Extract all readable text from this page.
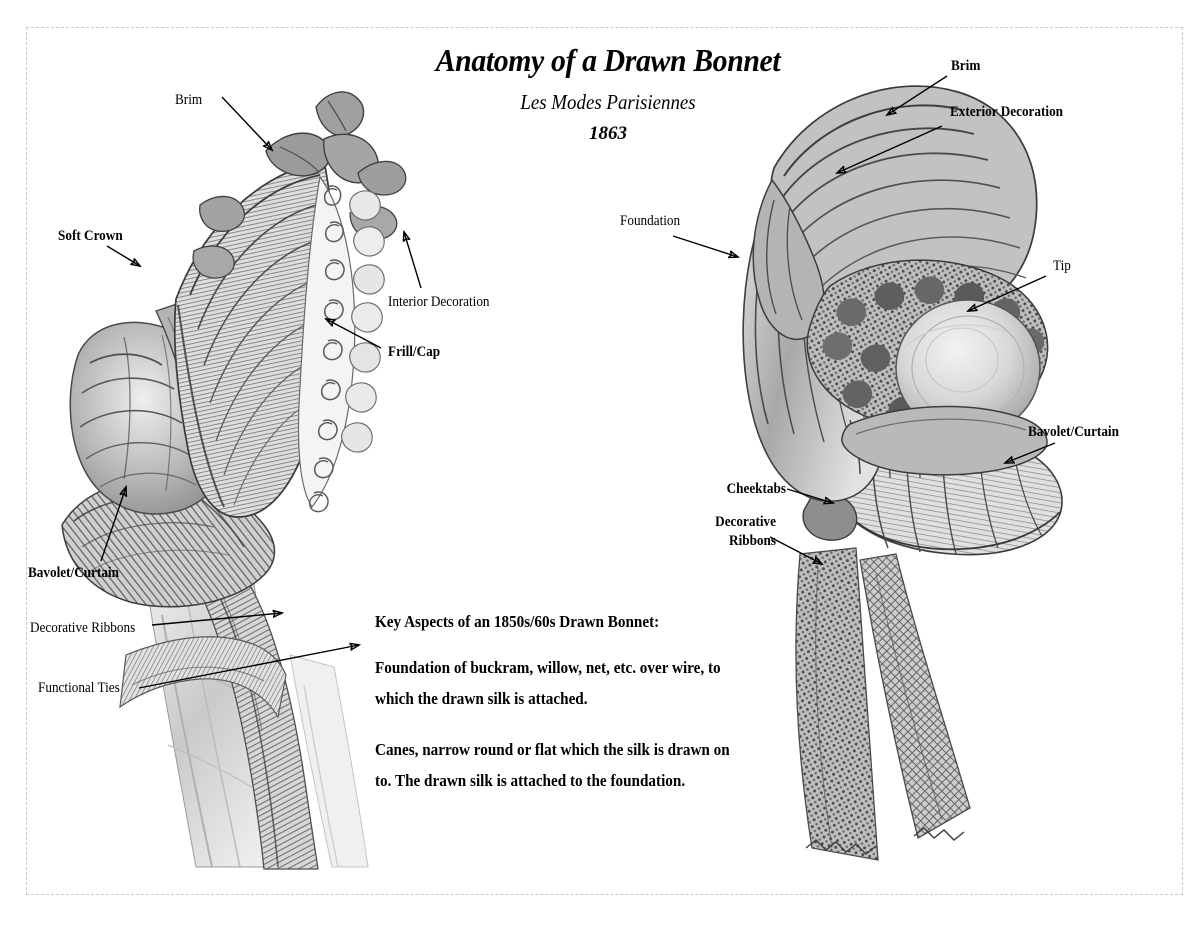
Brim
Soft Crown
Interior Decoration
Frill/Cap
Bavolet/Curtain
Decorative Ribbons
Functional Ties
Brim
Exterior Decoration
Foundation
Tip
Bavolet/Curtain
Cheektabs
Decorative
Ribbons
Anatomy of a Drawn Bonnet
Les Modes Parisiennes
1863
Key Aspects of an 1850s/60s Drawn Bonnet:

Foundation of buckram, willow, net, etc. over wire, to which the drawn silk is attached.

Canes, narrow round or flat which the silk is drawn on to. The drawn silk is attached to the foundation.
